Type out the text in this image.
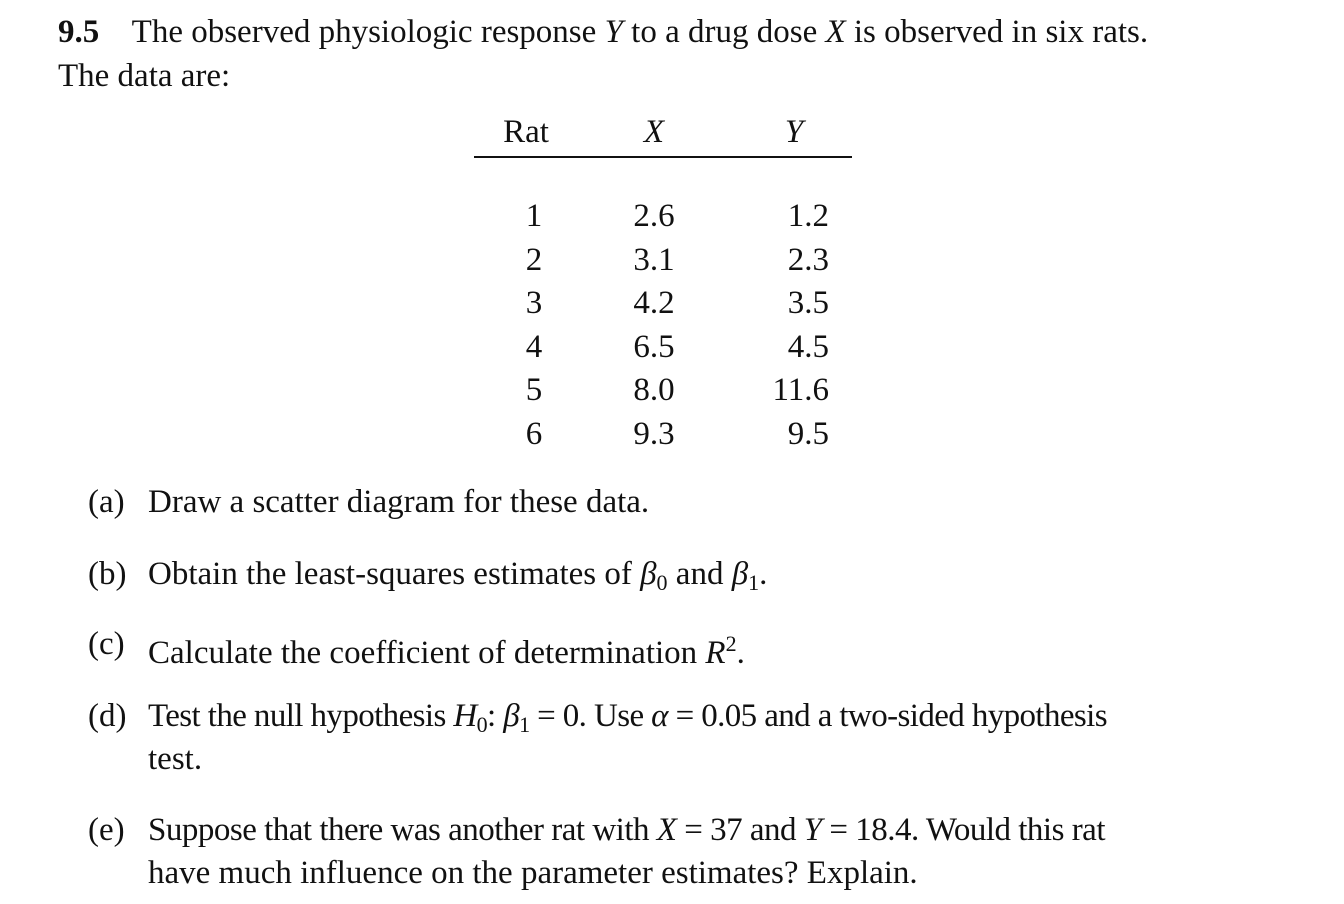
9.5 The observed physiologic response Y to a drug dose X is observed in six rats.
The data are:
Rat	X	Y
1	2.6	1.2
2	3.1	2.3
3	4.2	3.5
4	6.5	4.5
5	8.0	11.6
6	9.3	9.5
(a) Draw a scatter diagram for these data.
(b) Obtain the least-squares estimates of $\beta_0$ and $\beta_1$.
(c) Calculate the coefficient of determination $R^2$.
(d) Test the null hypothesis $H_0$: $\beta_1 = 0$. Use α = 0.05 and a two-sided hypothesis
test.
(e) Suppose that there was another rat with X = 37 and Y = 18.4. Would this rat
have much influence on the parameter estimates? Explain.
